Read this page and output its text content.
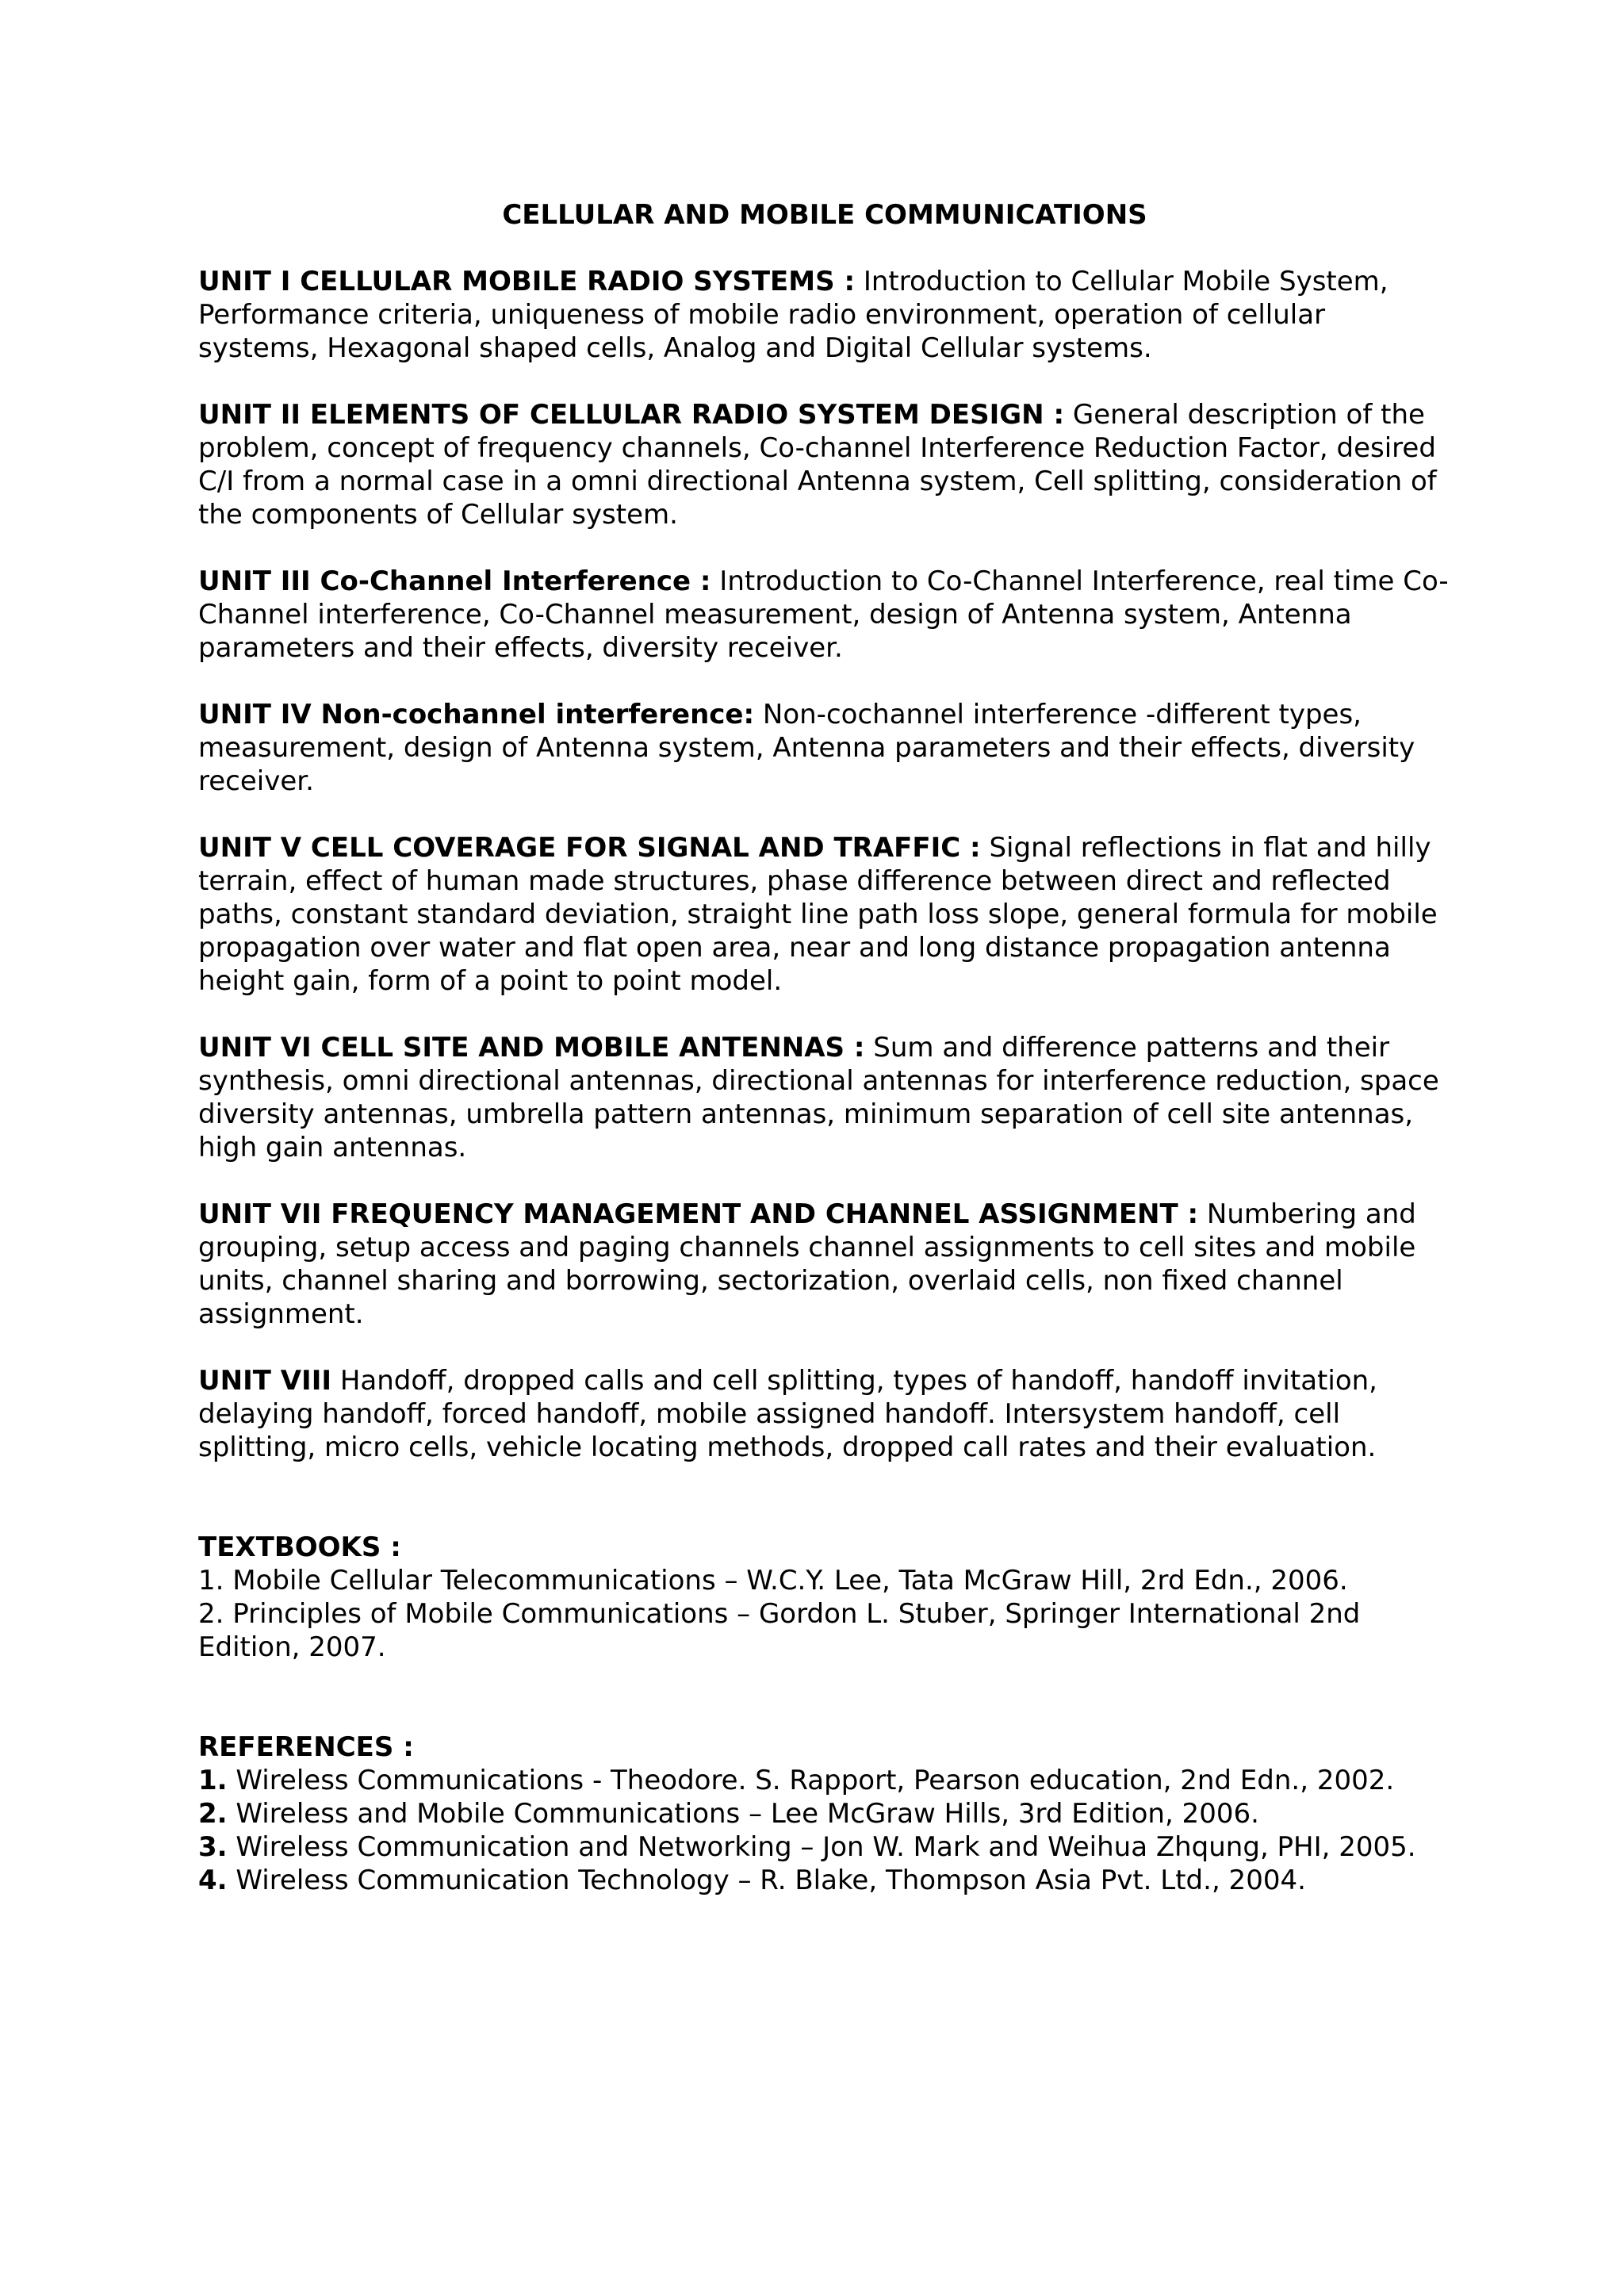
CELLULAR AND MOBILE COMMUNICATIONS
UNIT I CELLULAR MOBILE RADIO SYSTEMS : Introduction to Cellular Mobile System, Performance criteria, uniqueness of mobile radio environment, operation of cellular systems, Hexagonal shaped cells, Analog and Digital Cellular systems.
UNIT II ELEMENTS OF CELLULAR RADIO SYSTEM DESIGN : General description of the problem, concept of frequency channels, Co-channel Interference Reduction Factor, desired C/I from a normal case in a omni directional Antenna system, Cell splitting, consideration of the components of Cellular system.
UNIT III Co-Channel Interference : Introduction to Co-Channel Interference, real time Co-Channel interference, Co-Channel measurement, design of Antenna system, Antenna parameters and their effects, diversity receiver.
UNIT IV Non-cochannel interference: Non-cochannel interference -different types, measurement, design of Antenna system, Antenna parameters and their effects, diversity receiver.
UNIT V CELL COVERAGE FOR SIGNAL AND TRAFFIC : Signal reflections in flat and hilly terrain, effect of human made structures, phase difference between direct and reflected paths, constant standard deviation, straight line path loss slope, general formula for mobile propagation over water and flat open area, near and long distance propagation antenna height gain, form of a point to point model.
UNIT VI CELL SITE AND MOBILE ANTENNAS : Sum and difference patterns and their synthesis, omni directional antennas, directional antennas for interference reduction, space diversity antennas, umbrella pattern antennas, minimum separation of cell site antennas, high gain antennas.
UNIT VII FREQUENCY MANAGEMENT AND CHANNEL ASSIGNMENT : Numbering and grouping, setup access and paging channels channel assignments to cell sites and mobile units, channel sharing and borrowing, sectorization, overlaid cells, non fixed channel assignment.
UNIT VIII Handoff, dropped calls and cell splitting, types of handoff, handoff invitation, delaying handoff, forced handoff, mobile assigned handoff. Intersystem handoff, cell splitting, micro cells, vehicle locating methods, dropped call rates and their evaluation.
TEXTBOOKS :
1. Mobile Cellular Telecommunications – W.C.Y. Lee, Tata McGraw Hill, 2rd Edn., 2006.
2. Principles of Mobile Communications – Gordon L. Stuber, Springer International 2nd Edition, 2007.
REFERENCES :
1. Wireless Communications - Theodore. S. Rapport, Pearson education, 2nd Edn., 2002.
2. Wireless and Mobile Communications – Lee McGraw Hills, 3rd Edition, 2006.
3. Wireless Communication and Networking – Jon W. Mark and Weihua Zhqung, PHI, 2005.
4. Wireless Communication Technology – R. Blake, Thompson Asia Pvt. Ltd., 2004.
